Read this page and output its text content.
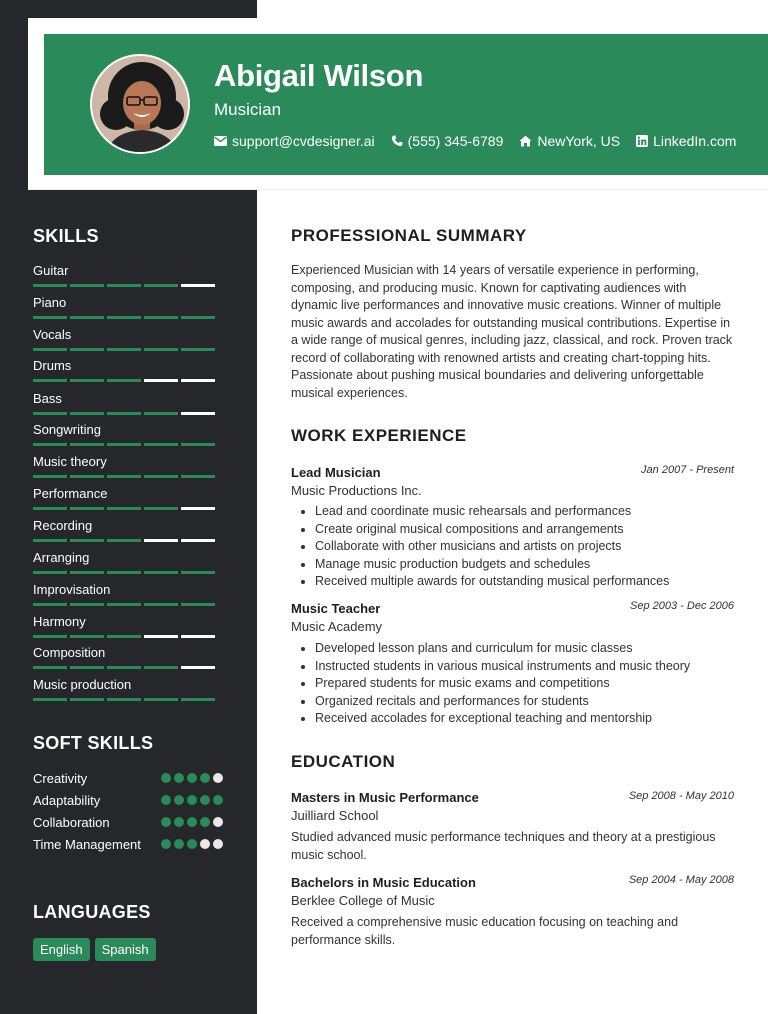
SKILLS
Guitar
Piano
Vocals
Drums
Bass
Songwriting
Music theory
Performance
Recording
Arranging
Improvisation
Harmony
Composition
Music production
SOFT SKILLS
Creativity
Adaptability
Collaboration
Time Management
LANGUAGES
English	Spanish
Abigail Wilson
Musician
support@cvdesigner.ai (555) 345-6789 NewYork, US LinkedIn.com
PROFESSIONAL SUMMARY
Experienced Musician with 14 years of versatile experience in performing, composing, and producing music. Known for captivating audiences with dynamic live performances and innovative music creations. Winner of multiple music awards and accolades for outstanding musical contributions. Expertise in a wide range of musical genres, including jazz, classical, and rock. Proven track record of collaborating with renowned artists and creating chart-topping hits. Passionate about pushing musical boundaries and delivering unforgettable musical experiences.
WORK EXPERIENCE
Lead Musician	Jan 2007 - Present
Music Productions Inc.
Lead and coordinate music rehearsals and performances
Create original musical compositions and arrangements
Collaborate with other musicians and artists on projects
Manage music production budgets and schedules
Received multiple awards for outstanding musical performances
Music Teacher	Sep 2003 - Dec 2006
Music Academy
Developed lesson plans and curriculum for music classes
Instructed students in various musical instruments and music theory
Prepared students for music exams and competitions
Organized recitals and performances for students
Received accolades for exceptional teaching and mentorship
EDUCATION
Masters in Music Performance	Sep 2008 - May 2010
Juilliard School
Studied advanced music performance techniques and theory at a prestigious music school.
Bachelors in Music Education	Sep 2004 - May 2008
Berklee College of Music
Received a comprehensive music education focusing on teaching and performance skills.
